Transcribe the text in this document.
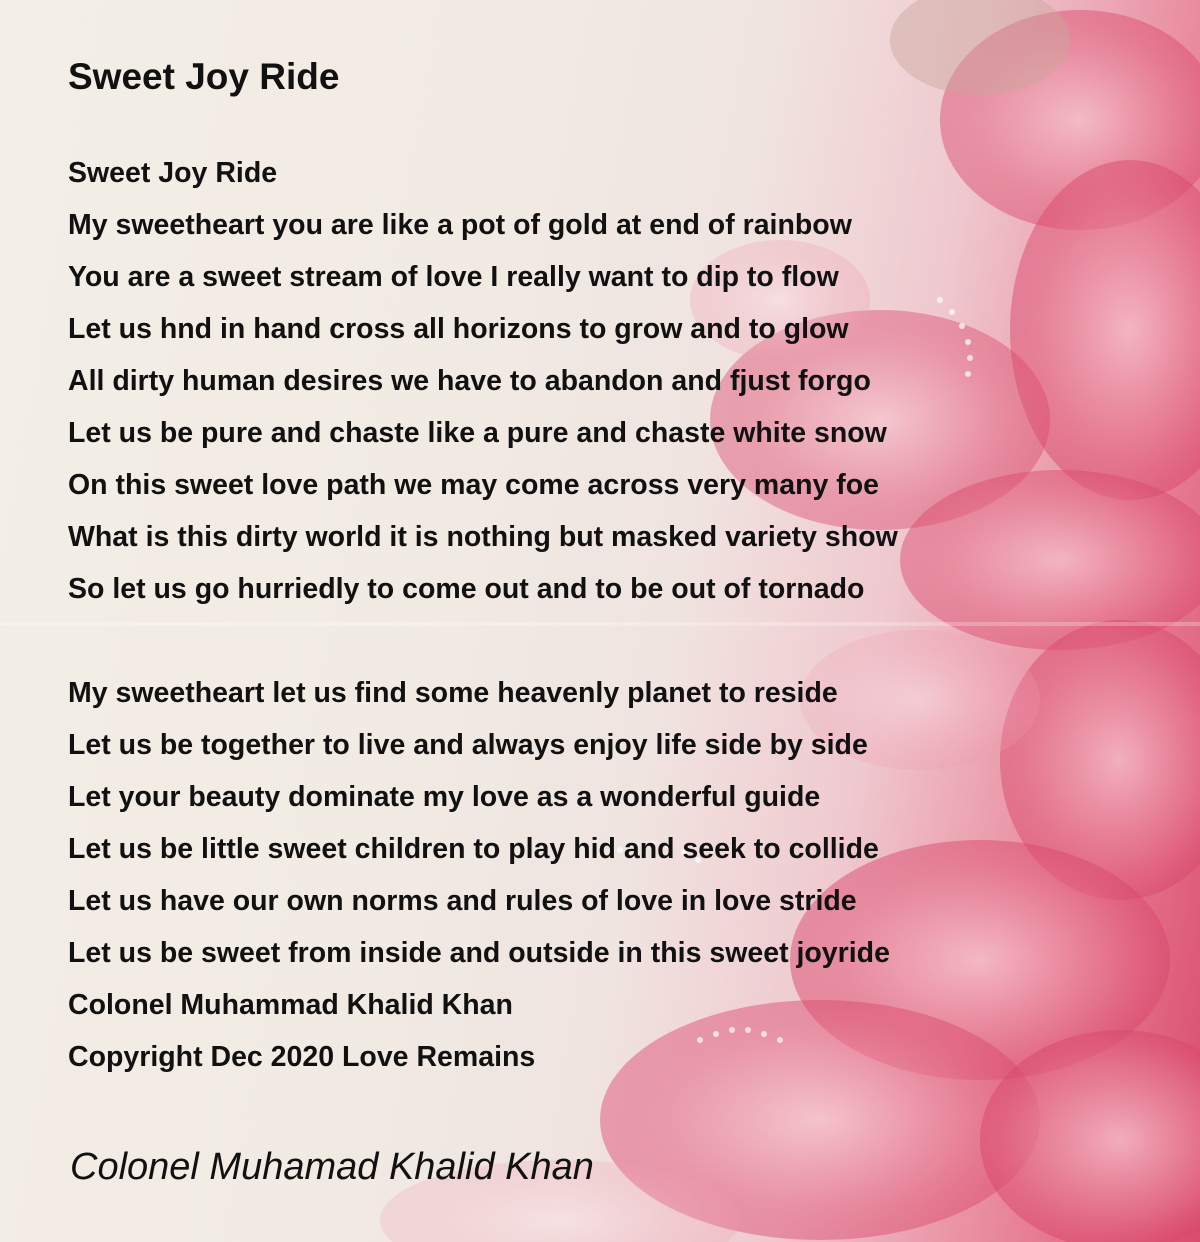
Sweet Joy Ride
Sweet Joy Ride
My sweetheart you are like a pot of gold at end of rainbow
You are a sweet stream of love I really want to dip to flow
Let us hnd in hand cross all horizons to grow and to glow
All dirty human desires we have to abandon and fjust forgo
Let us be pure and chaste like a pure and chaste white snow
On this sweet love path we may come across very many foe
What is this dirty world it is nothing but masked variety show
So let us go hurriedly to come out and to be out of tornado
My sweetheart let us find some heavenly planet to reside
Let us be together to live and always enjoy life side by side
Let your beauty dominate my love as a wonderful guide
Let us be little sweet children to play hid and seek to collide
Let us have our own norms and rules of love in love stride
Let us be sweet from inside and outside in this sweet joyride
Colonel Muhammad Khalid Khan
Copyright Dec 2020 Love Remains
Colonel Muhamad Khalid Khan
